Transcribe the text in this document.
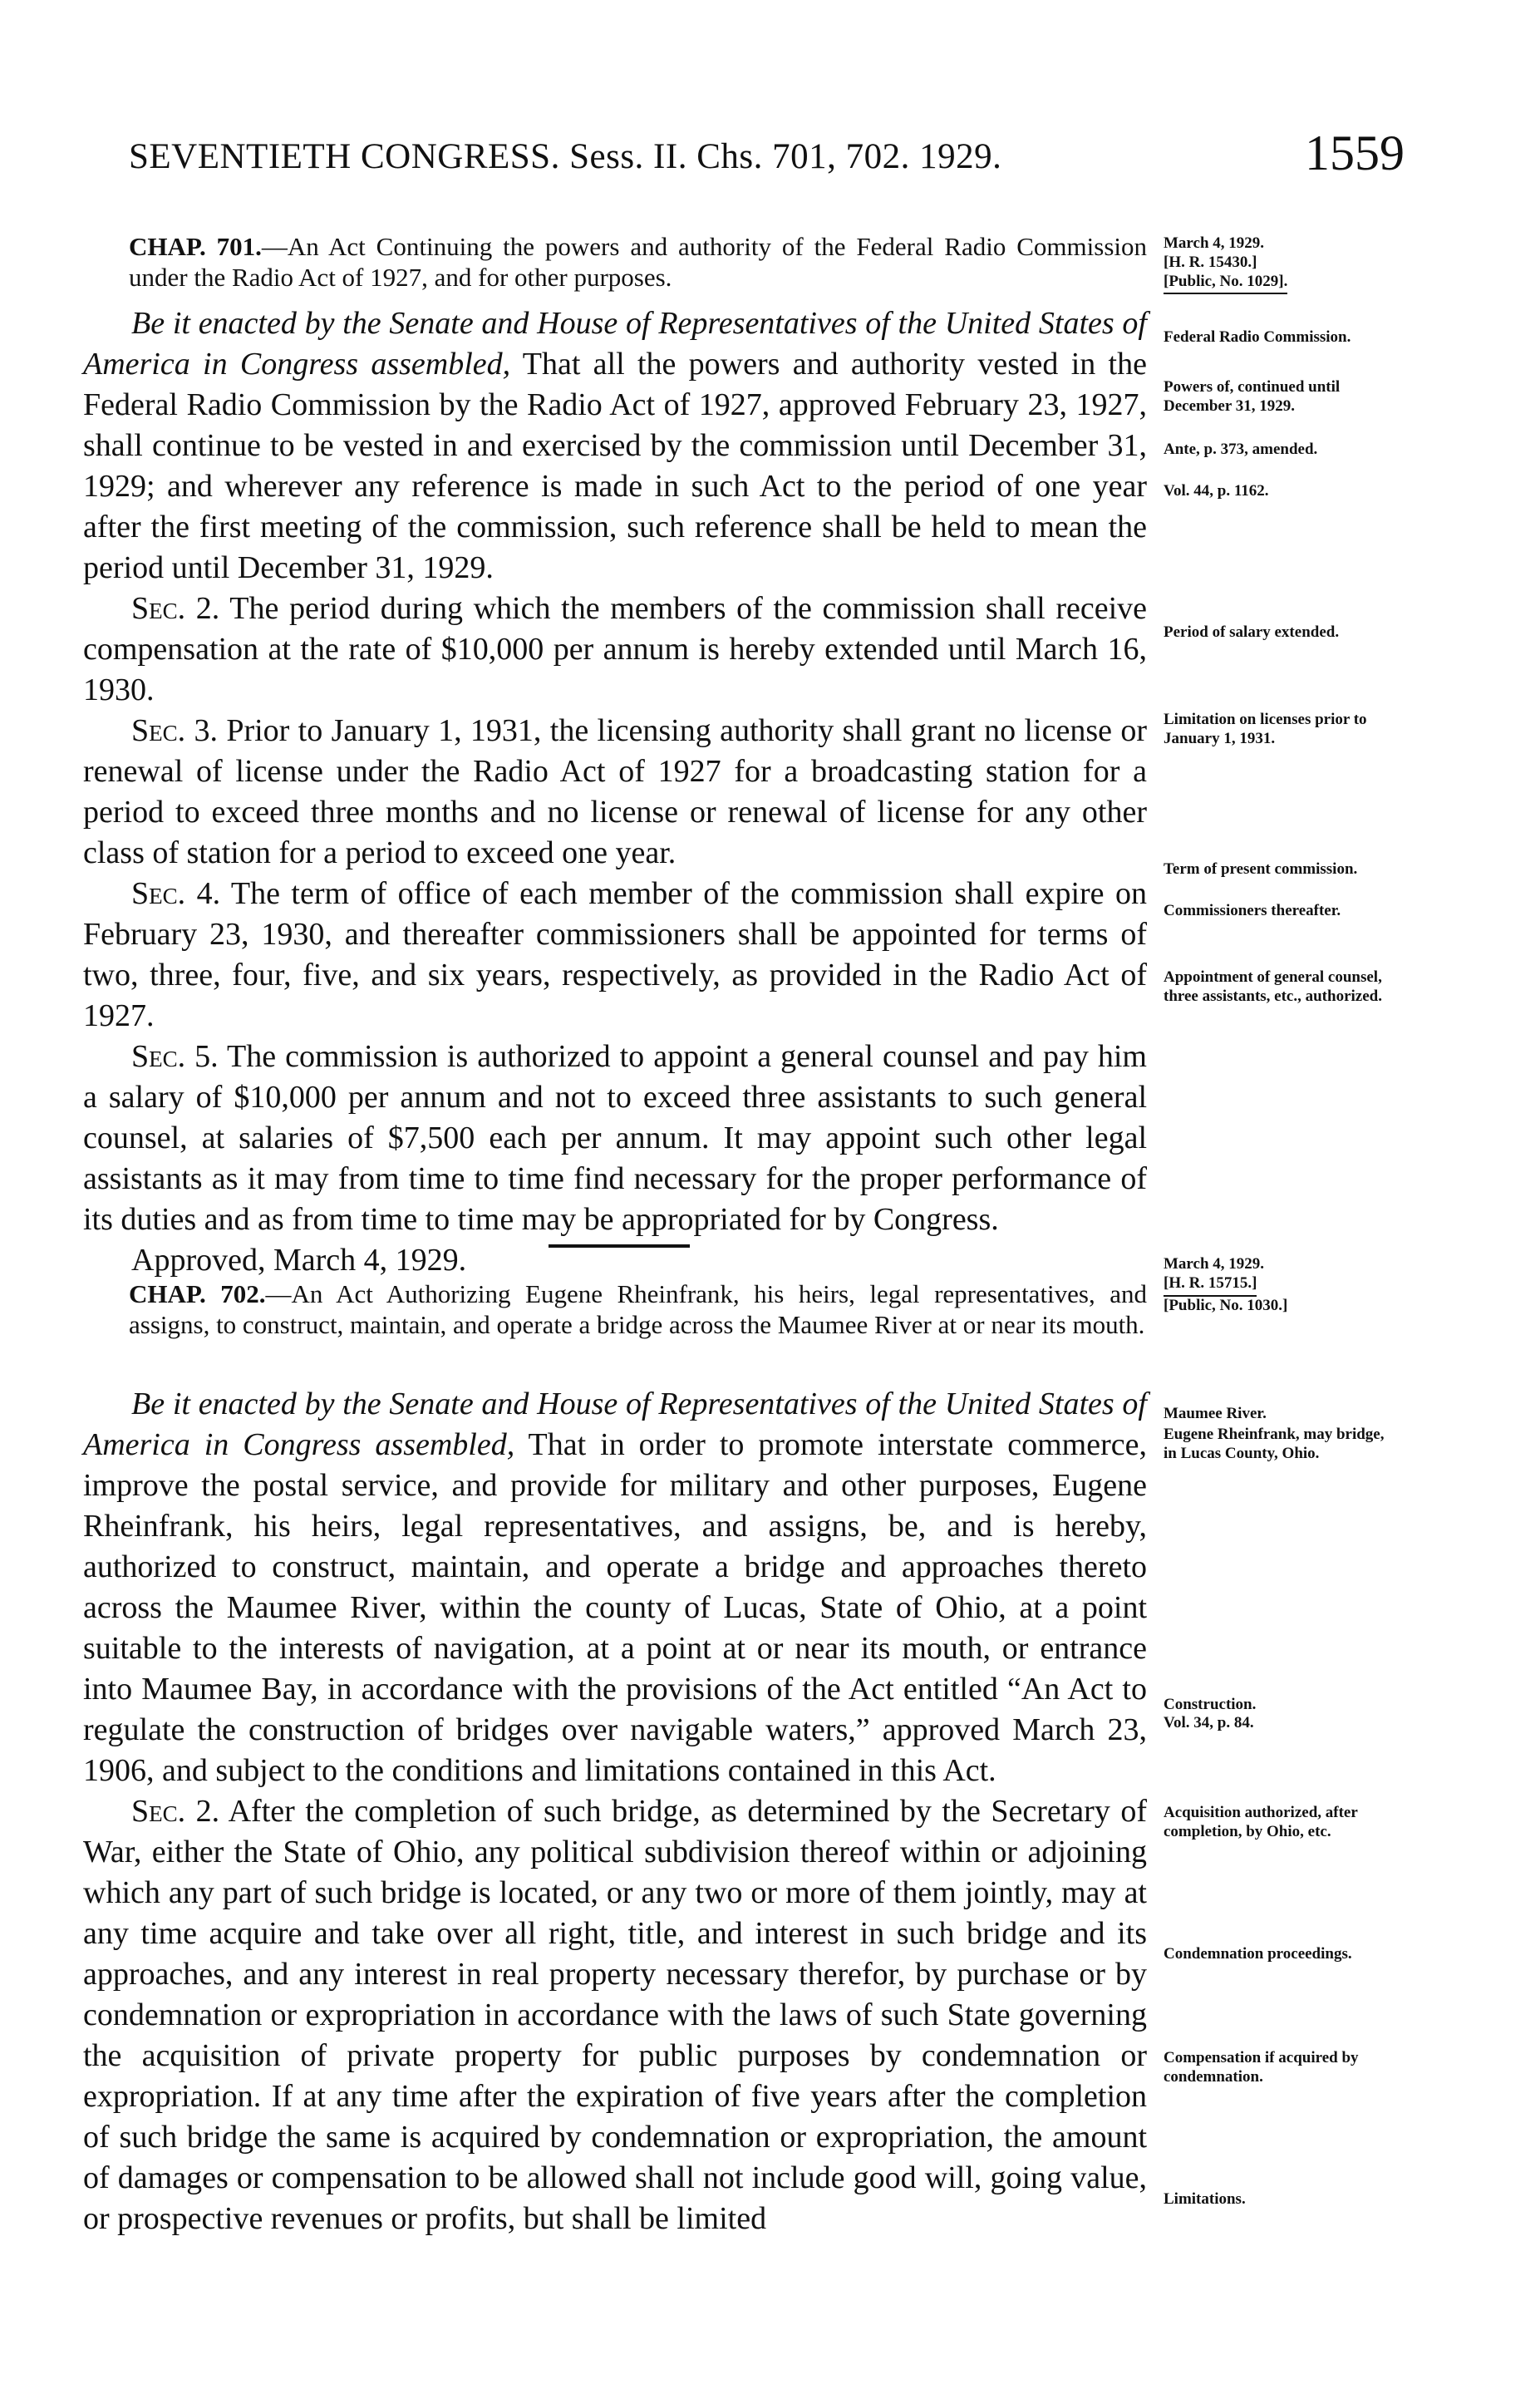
SEVENTIETH CONGRESS. Sess. II. Chs. 701, 702. 1929.	1559

CHAP. 701.—An Act Continuing the powers and authority of the Federal Radio Commission under the Radio Act of 1927, and for other purposes.

March 4, 1929.
[H. R. 15430.]
[Public, No. 1029].

Be it enacted by the Senate and House of Representatives of the United States of America in Congress assembled, That all the powers and authority vested in the Federal Radio Commission by the Radio Act of 1927, approved February 23, 1927, shall continue to be vested in and exercised by the commission until December 31, 1929; and wherever any reference is made in such Act to the period of one year after the first meeting of the commission, such reference shall be held to mean the period until December 31, 1929.

Sec. 2. The period during which the members of the commission shall receive compensation at the rate of $10,000 per annum is hereby extended until March 16, 1930.

Sec. 3. Prior to January 1, 1931, the licensing authority shall grant no license or renewal of license under the Radio Act of 1927 for a broadcasting station for a period to exceed three months and no license or renewal of license for any other class of station for a period to exceed one year.

Sec. 4. The term of office of each member of the commission shall expire on February 23, 1930, and thereafter commissioners shall be appointed for terms of two, three, four, five, and six years, respectively, as provided in the Radio Act of 1927.

Sec. 5. The commission is authorized to appoint a general counsel and pay him a salary of $10,000 per annum and not to exceed three assistants to such general counsel, at salaries of $7,500 each per annum. It may appoint such other legal assistants as it may from time to time find necessary for the proper performance of its duties and as from time to time may be appropriated for by Congress.

Approved, March 4, 1929.

Federal Radio Commission.
Powers of, continued until December 31, 1929.
Ante, p. 373, amended.
Vol. 44, p. 1162.
Period of salary extended.
Limitation on licenses prior to January 1, 1931.
Term of present commission.
Commissioners thereafter.
Appointment of general counsel, three assistants, etc., authorized.
March 4, 1929.
[H. R. 15715.]
[Public, No. 1030.]

CHAP. 702.—An Act Authorizing Eugene Rheinfrank, his heirs, legal representatives, and assigns, to construct, maintain, and operate a bridge across the Maumee River at or near its mouth.

Be it enacted by the Senate and House of Representatives of the United States of America in Congress assembled, That in order to promote interstate commerce, improve the postal service, and provide for military and other purposes, Eugene Rheinfrank, his heirs, legal representatives, and assigns, be, and is hereby, authorized to construct, maintain, and operate a bridge and approaches thereto across the Maumee River, within the county of Lucas, State of Ohio, at a point suitable to the interests of navigation, at a point at or near its mouth, or entrance into Maumee Bay, in accordance with the provisions of the Act entitled “An Act to regulate the construction of bridges over navigable waters,” approved March 23, 1906, and subject to the conditions and limitations contained in this Act.

Sec. 2. After the completion of such bridge, as determined by the Secretary of War, either the State of Ohio, any political subdivision thereof within or adjoining which any part of such bridge is located, or any two or more of them jointly, may at any time acquire and take over all right, title, and interest in such bridge and its approaches, and any interest in real property necessary therefor, by purchase or by condemnation or expropriation in accordance with the laws of such State governing the acquisition of private property for public purposes by condemnation or expropriation. If at any time after the expiration of five years after the completion of such bridge the same is acquired by condemnation or expropriation, the amount of damages or compensation to be allowed shall not include good will, going value, or prospective revenues or profits, but shall be limited

Maumee River.
Eugene Rheinfrank, may bridge, in Lucas County, Ohio.
Construction.
Vol. 34, p. 84.
Acquisition authorized, after completion, by Ohio, etc.
Condemnation proceedings.
Compensation if acquired by condemnation.
Limitations.
